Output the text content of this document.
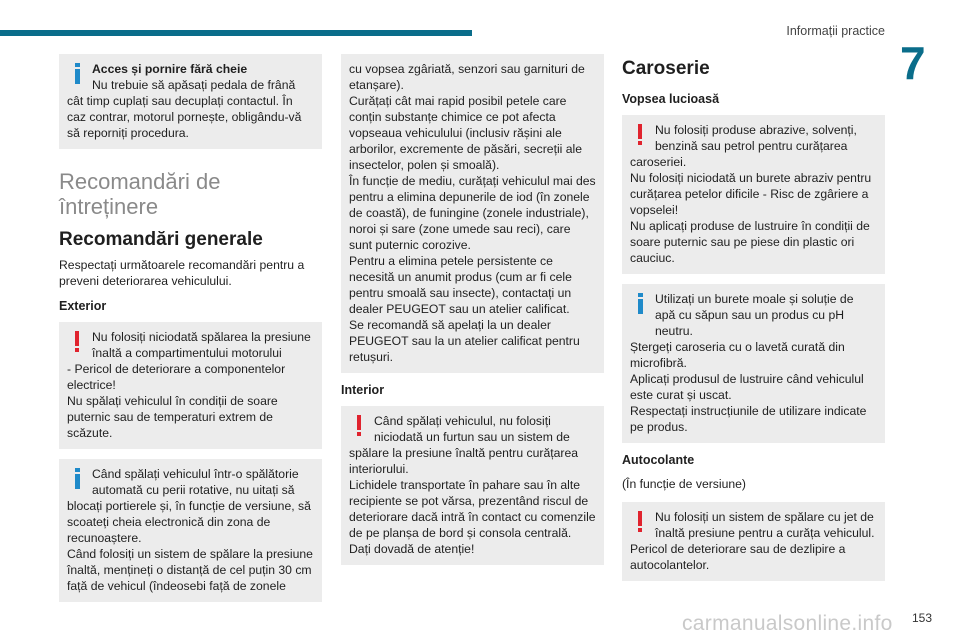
Informații practice
7

Acces și pornire fără cheie

Nu trebuie să apăsați pedala de frână

cât timp cuplați sau decuplați contactul. În caz contrar, motorul pornește, obligându-vă să reporniți procedura.

Recomandări de întreținere
Recomandări generale

Respectați următoarele recomandări pentru a preveni deteriorarea vehiculului.

Exterior

Nu folosiți niciodată spălarea la presiune înaltă a compartimentului motorului

- Pericol de deteriorare a componentelor electrice!
Nu spălați vehiculul în condiții de soare puternic sau de temperaturi extrem de scăzute.

Când spălați vehiculul într-o spălătorie automată cu perii rotative, nu uitați să

blocați portierele și, în funcție de versiune, să scoateți cheia electronică din zona de recunoaștere.
Când folosiți un sistem de spălare la presiune înaltă, mențineți o distanță de cel puțin 30 cm față de vehicul (îndeosebi față de zonele

cu vopsea zgâriată, senzori sau garnituri de etanșare).
Curățați cât mai rapid posibil petele care conțin substanțe chimice ce pot afecta vopseaua vehiculului (inclusiv rășini ale arborilor, excremente de păsări, secreții ale insectelor, polen și smoală).
În funcție de mediu, curățați vehiculul mai des pentru a elimina depunerile de iod (în zonele de coastă), de funingine (zonele industriale), noroi și sare (zone umede sau reci), care sunt puternic corozive.
Pentru a elimina petele persistente ce necesită un anumit produs (cum ar fi cele pentru smoală sau insecte), contactați un dealer PEUGEOT sau un atelier calificat.
Se recomandă să apelați la un dealer PEUGEOT sau la un atelier calificat pentru retușuri.

Interior

Când spălați vehiculul, nu folosiți niciodată un furtun sau un sistem de

spălare la presiune înaltă pentru curățarea interiorului.
Lichidele transportate în pahare sau în alte recipiente se pot vărsa, prezentând riscul de deteriorare dacă intră în contact cu comenzile de pe planșa de bord și consola centrală. Dați dovadă de atenție!

Caroserie
Vopsea lucioasă

Nu folosiți produse abrazive, solvenți, benzină sau petrol pentru curățarea

caroseriei.
Nu folosiți niciodată un burete abraziv pentru curățarea petelor dificile - Risc de zgâriere a vopselei!
Nu aplicați produse de lustruire în condiții de soare puternic sau pe piese din plastic ori cauciuc.

Utilizați un burete moale și soluție de apă cu săpun sau un produs cu pH neutru.

Ștergeți caroseria cu o lavetă curată din microfibră.
Aplicați produsul de lustruire când vehiculul este curat și uscat.
Respectați instrucțiunile de utilizare indicate pe produs.

Autocolante

(În funcție de versiune)

Nu folosiți un sistem de spălare cu jet de înaltă presiune pentru a curăța vehiculul.

Pericol de deteriorare sau de dezlipire a autocolantelor.

carmanualsonline.info 153
